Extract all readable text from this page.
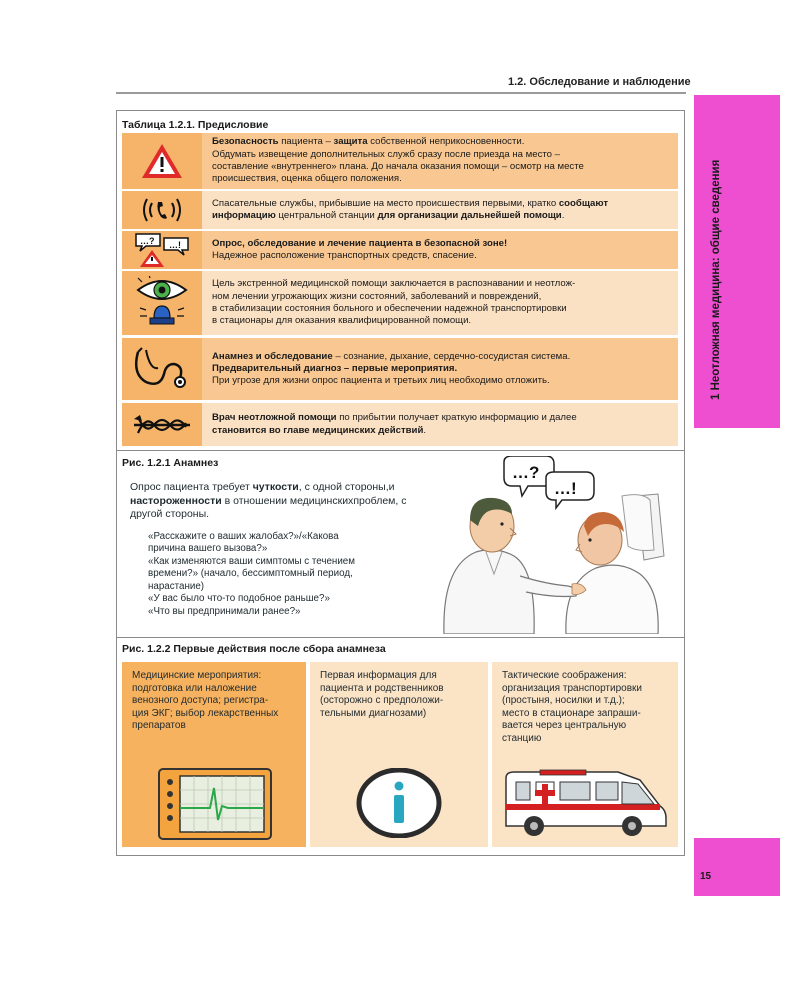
1.2. Обследование и наблюдение
1 Неотложная медицина: общие сведения
15
Таблица 1.2.1. Предисловие
Безопасность пациента – защита собственной неприкосновенности.
Обдумать извещение дополнительных служб сразу после приезда на место –
составление «внутреннего» плана. До начала оказания помощи – осмотр на месте
происшествия, оценка общего положения.
Спасательные службы, прибывшие на место происшествия первыми, кратко сообщают
информацию центральной станции для организации дальнейшей помощи.
…? …!	Опрос, обследование и лечение пациента в безопасной зоне!
Надежное расположение транспортных средств, спасение.
Цель экстренной медицинской помощи заключается в распознавании и неотлож-
ном лечении угрожающих жизни состояний, заболеваний и повреждений,
в стабилизации состояния больного и обеспечении надежной транспортировки
в стационары для оказания квалифицированной помощи.
Анамнез и обследование – сознание, дыхание, сердечно-сосудистая система.
Предварительный диагноз – первые мероприятия.
При угрозе для жизни опрос пациента и третьих лиц необходимо отложить.
Врач неотложной помощи по прибытии получает краткую информацию и далее
становится во главе медицинских действий.
Рис. 1.2.1 Анамнез
Опрос пациента требует чуткости, с одной стороны,и настороженности в отношении медицинскихпроблем, с другой стороны.
«Расскажите о ваших жалобах?»/«Какова
причина вашего вызова?»
«Как изменяются ваши симптомы с течением
времени?» (начало, бессимптомный период,
нарастание)
«У вас было что-то подобное раньше?»
«Что вы предпринимали ранее?»
…?
…!
Рис. 1.2.2 Первые действия после сбора анамнеза
Медицинские мероприятия:
подготовка или наложение
венозного доступа; регистра-
ция ЭКГ; выбор лекарственных
препаратов
Первая информация для
пациента и родственников
(осторожно с предположи-
тельными диагнозами)
Тактические соображения:
организация транспортировки
(простыня, носилки и т.д.);
место в стационаре запраши-
вается через центральную
станцию
